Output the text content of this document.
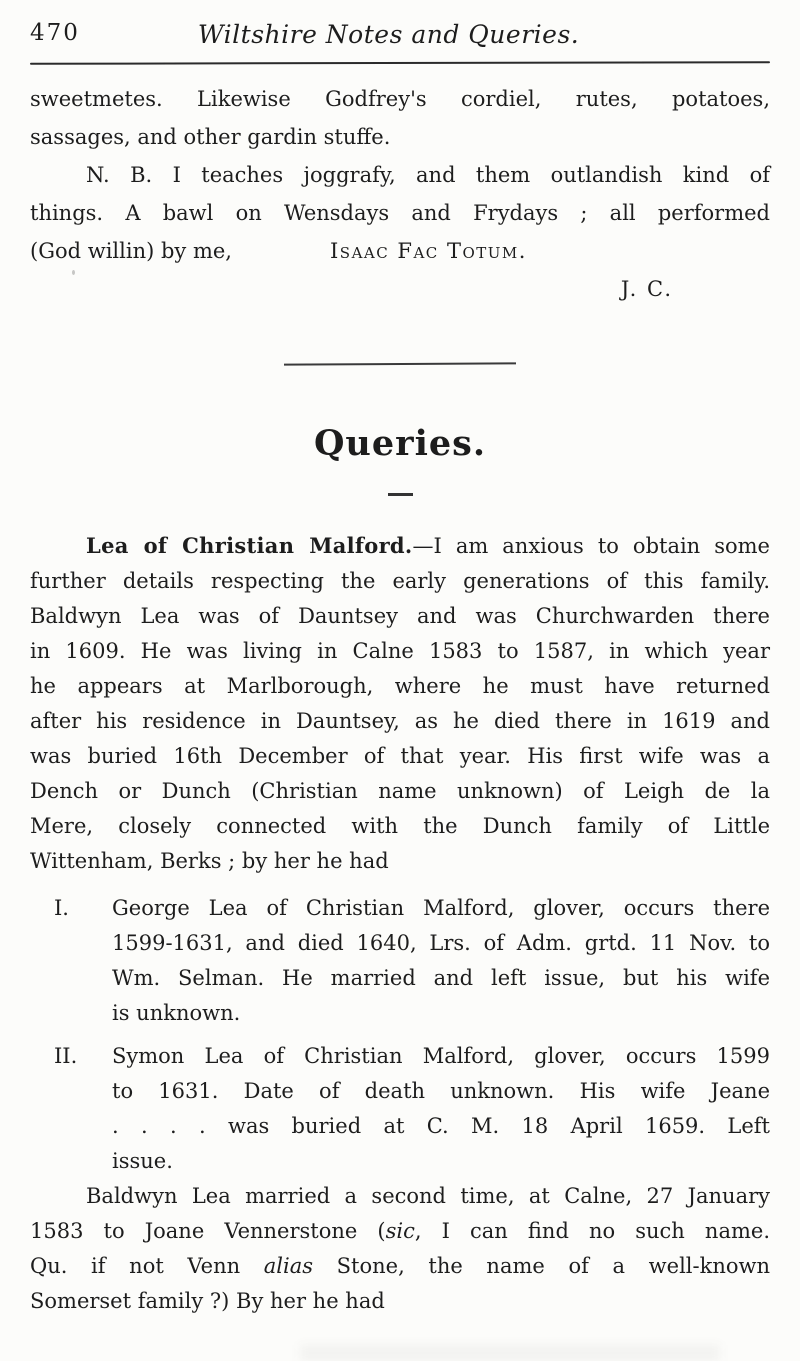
470	Wiltshire Notes and Queries.
sweetmetes. Likewise Godfrey's cordiel, rutes, potatoes,
sassages, and other gardin stuffe.
N. B. I teaches joggrafy, and them outlandish kind of
things. A bawl on Wensdays and Frydays ; all performed
(God willin) by me,	Isaac Fac Totum.
J. C.
Queries.
Lea of Christian Malford.—I am anxious to obtain some
further details respecting the early generations of this family.
Baldwyn Lea was of Dauntsey and was Churchwarden there
in 1609. He was living in Calne 1583 to 1587, in which year
he appears at Marlborough, where he must have returned
after his residence in Dauntsey, as he died there in 1619 and
was buried 16th December of that year. His first wife was a
Dench or Dunch (Christian name unknown) of Leigh de la
Mere, closely connected with the Dunch family of Little
Wittenham, Berks ; by her he had
I. George Lea of Christian Malford, glover, occurs there
1599-1631, and died 1640, Lrs. of Adm. grtd. 11 Nov. to
Wm. Selman. He married and left issue, but his wife
is unknown.
II. Symon Lea of Christian Malford, glover, occurs 1599
to 1631. Date of death unknown. His wife Jeane
. . . . was buried at C. M. 18 April 1659. Left
issue.
Baldwyn Lea married a second time, at Calne, 27 January
1583 to Joane Vennerstone (sic, I can find no such name.
Qu. if not Venn alias Stone, the name of a well-known
Somerset family ?) By her he had
